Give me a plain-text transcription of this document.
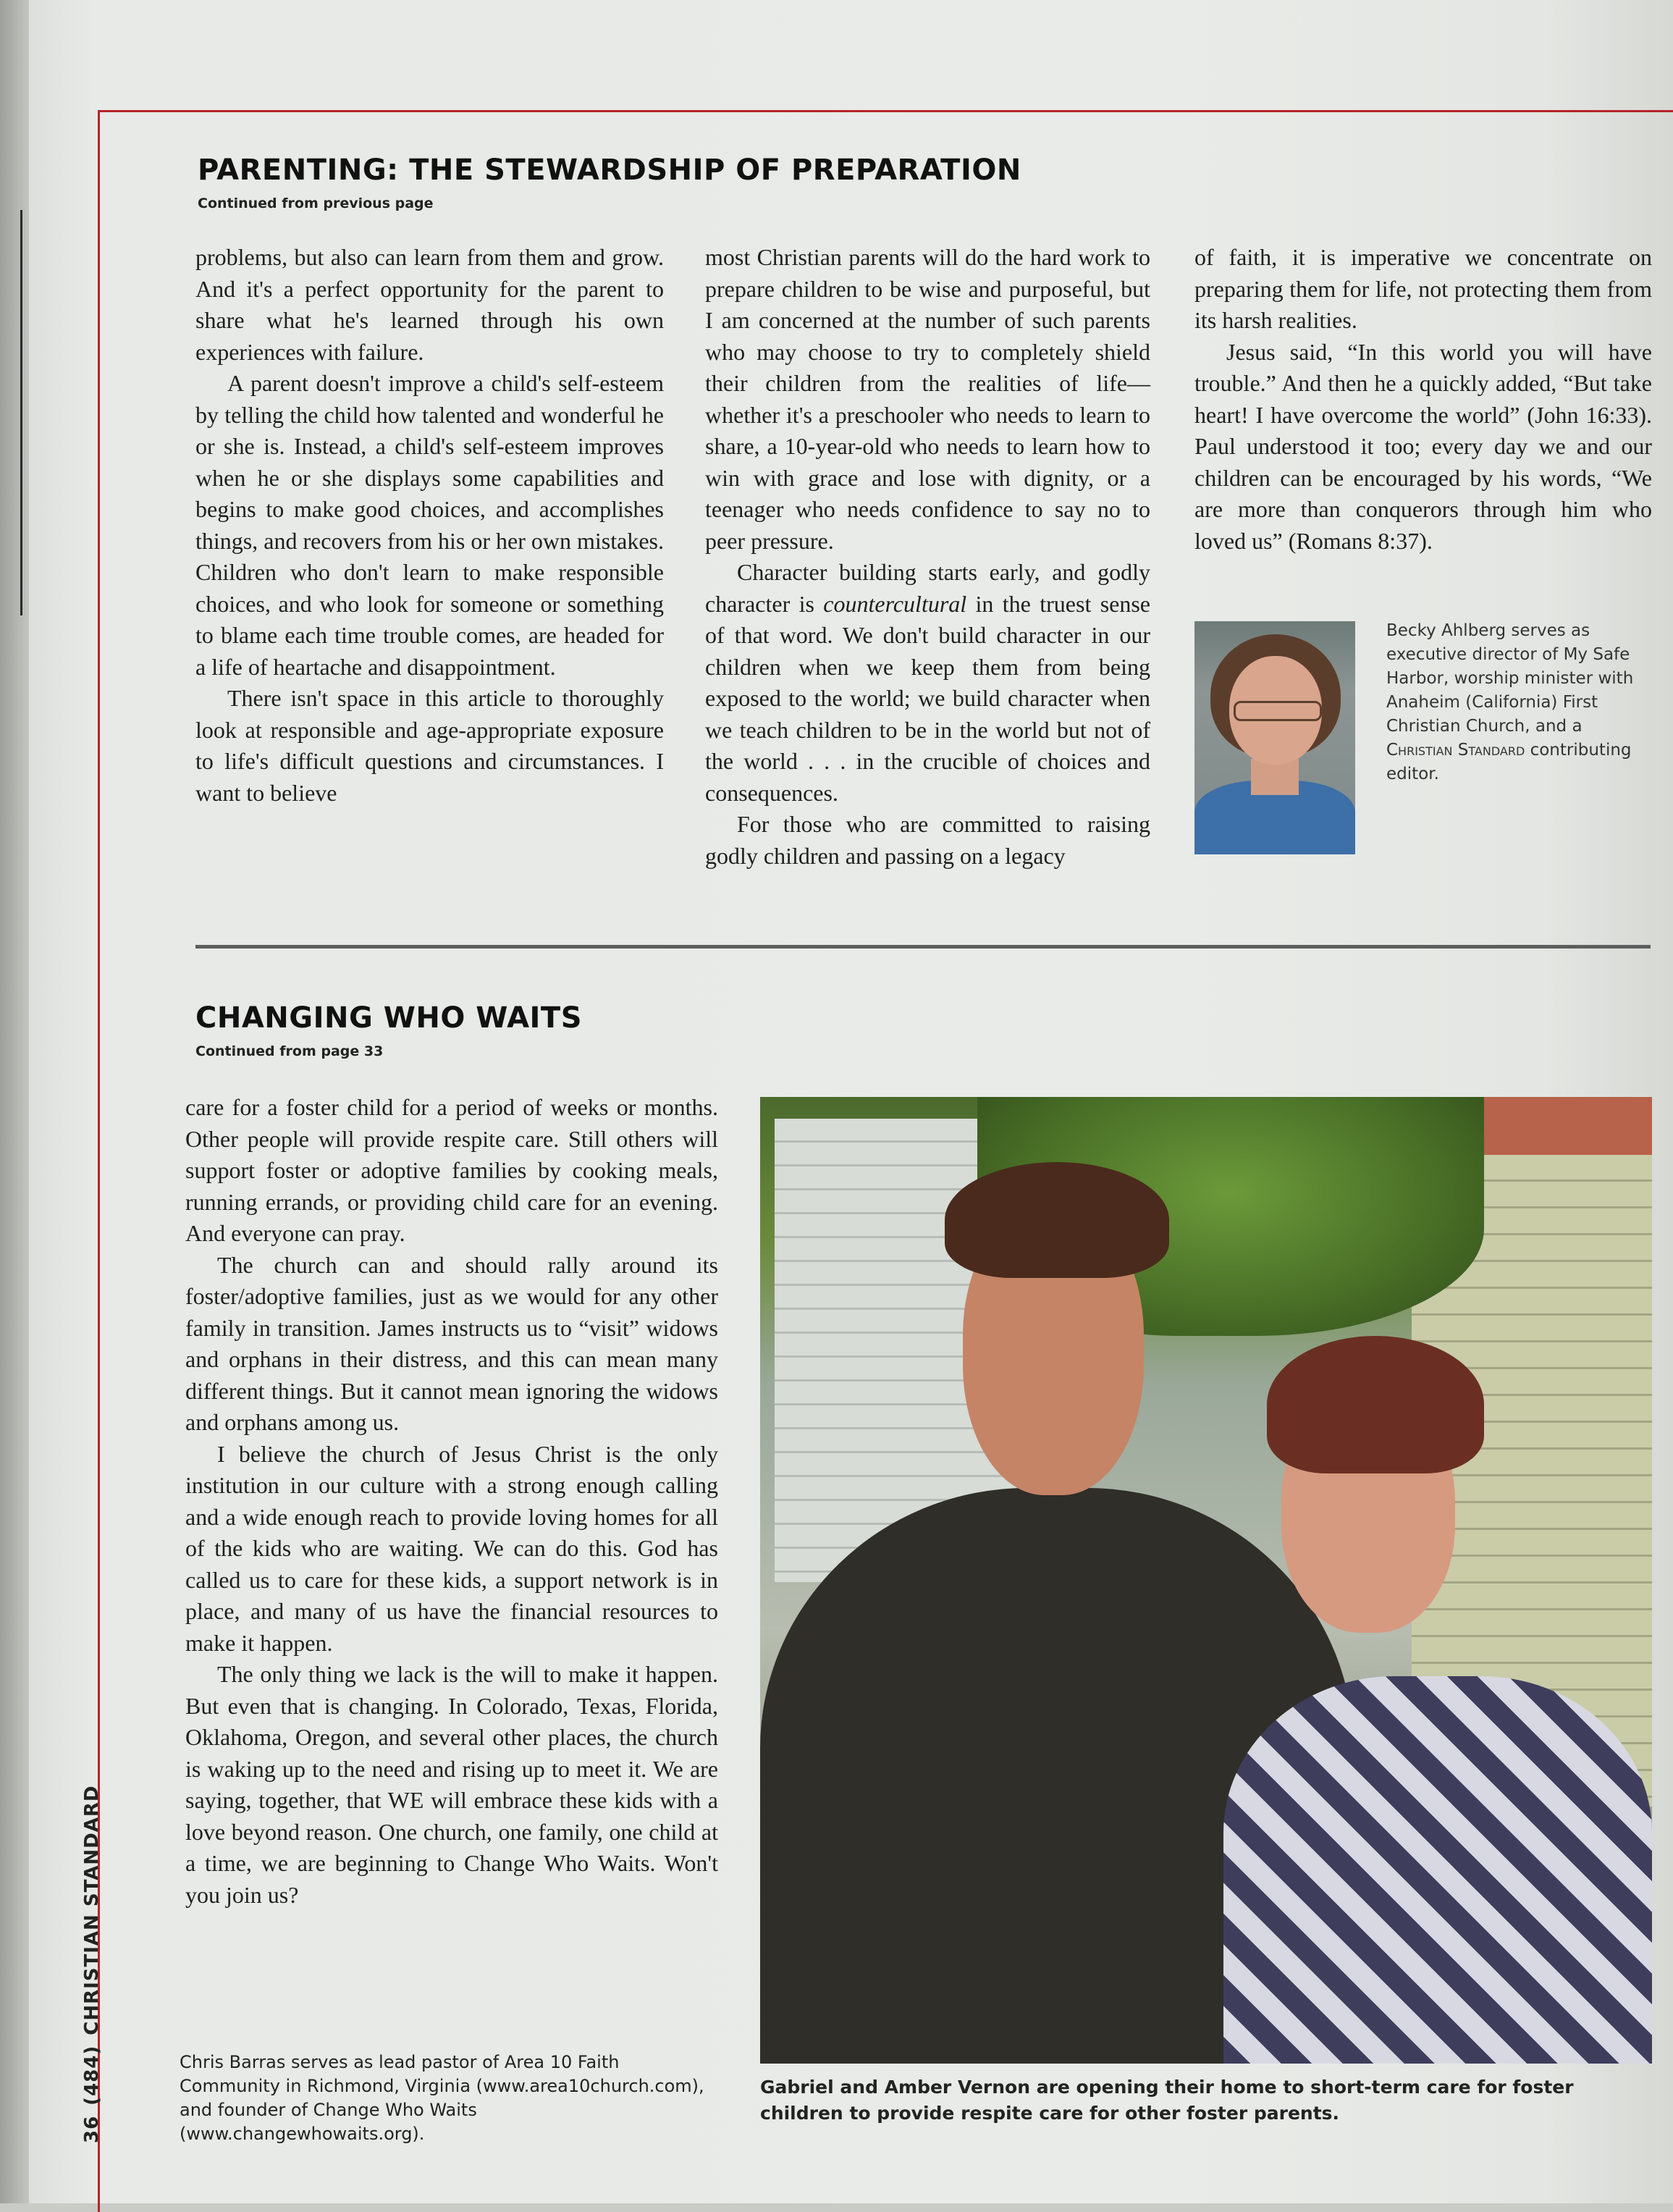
36(484)CHRISTIAN STANDARD
PARENTING: THE STEWARDSHIP OF PREPARATION
Continued from previous page

problems, but also can learn from them and grow. And it's a perfect opportunity for the parent to share what he's learned through his own experiences with failure.

A parent doesn't improve a child's self-esteem by telling the child how talented and wonderful he or she is. Instead, a child's self-esteem improves when he or she displays some capabilities and begins to make good choices, and accomplishes things, and recovers from his or her own mistakes. Children who don't learn to make responsible choices, and who look for someone or something to blame each time trouble comes, are headed for a life of heartache and disappointment.

There isn't space in this article to thoroughly look at responsible and age-appropriate exposure to life's difficult questions and circumstances. I want to believe

most Christian parents will do the hard work to prepare children to be wise and purposeful, but I am concerned at the number of such parents who may choose to try to completely shield their children from the realities of life—whether it's a preschooler who needs to learn to share, a 10-year-old who needs to learn how to win with grace and lose with dignity, or a teenager who needs confidence to say no to peer pressure.

Character building starts early, and godly character is countercultural in the truest sense of that word. We don't build character in our children when we keep them from being exposed to the world; we build character when we teach children to be in the world but not of the world . . . in the crucible of choices and consequences.

For those who are committed to raising godly children and passing on a legacy

of faith, it is imperative we concentrate on preparing them for life, not protecting them from its harsh realities.

Jesus said, “In this world you will have trouble.” And then he a quickly added, “But take heart! I have overcome the world” (John 16:33). Paul understood it too; every day we and our children can be encouraged by his words, “We are more than conquerors through him who loved us” (Romans 8:37).

Becky Ahlberg serves as executive director of My Safe Harbor, worship minister with Anaheim (California) First Christian Church, and a Christian Standard contributing editor.
CHANGING WHO WAITS
Continued from page 33

care for a foster child for a period of weeks or months. Other people will provide respite care. Still others will support foster or adoptive families by cooking meals, running errands, or providing child care for an evening. And everyone can pray.

The church can and should rally around its foster/adoptive families, just as we would for any other family in transition. James instructs us to “visit” widows and orphans in their distress, and this can mean many different things. But it cannot mean ignoring the widows and orphans among us.

I believe the church of Jesus Christ is the only institution in our culture with a strong enough calling and a wide enough reach to provide loving homes for all of the kids who are waiting. We can do this. God has called us to care for these kids, a support network is in place, and many of us have the financial resources to make it happen.

The only thing we lack is the will to make it happen. But even that is changing. In Colorado, Texas, Florida, Oklahoma, Oregon, and several other places, the church is waking up to the need and rising up to meet it. We are saying, together, that WE will embrace these kids with a love beyond reason. One church, one family, one child at a time, we are beginning to Change Who Waits. Won't you join us?

Gabriel and Amber Vernon are opening their home to short-term care for foster children to provide respite care for other foster parents.
Chris Barras serves as lead pastor of Area 10 Faith Community in Richmond, Virginia (www.area10church.com), and founder of Change Who Waits (www.changewhowaits.org).
